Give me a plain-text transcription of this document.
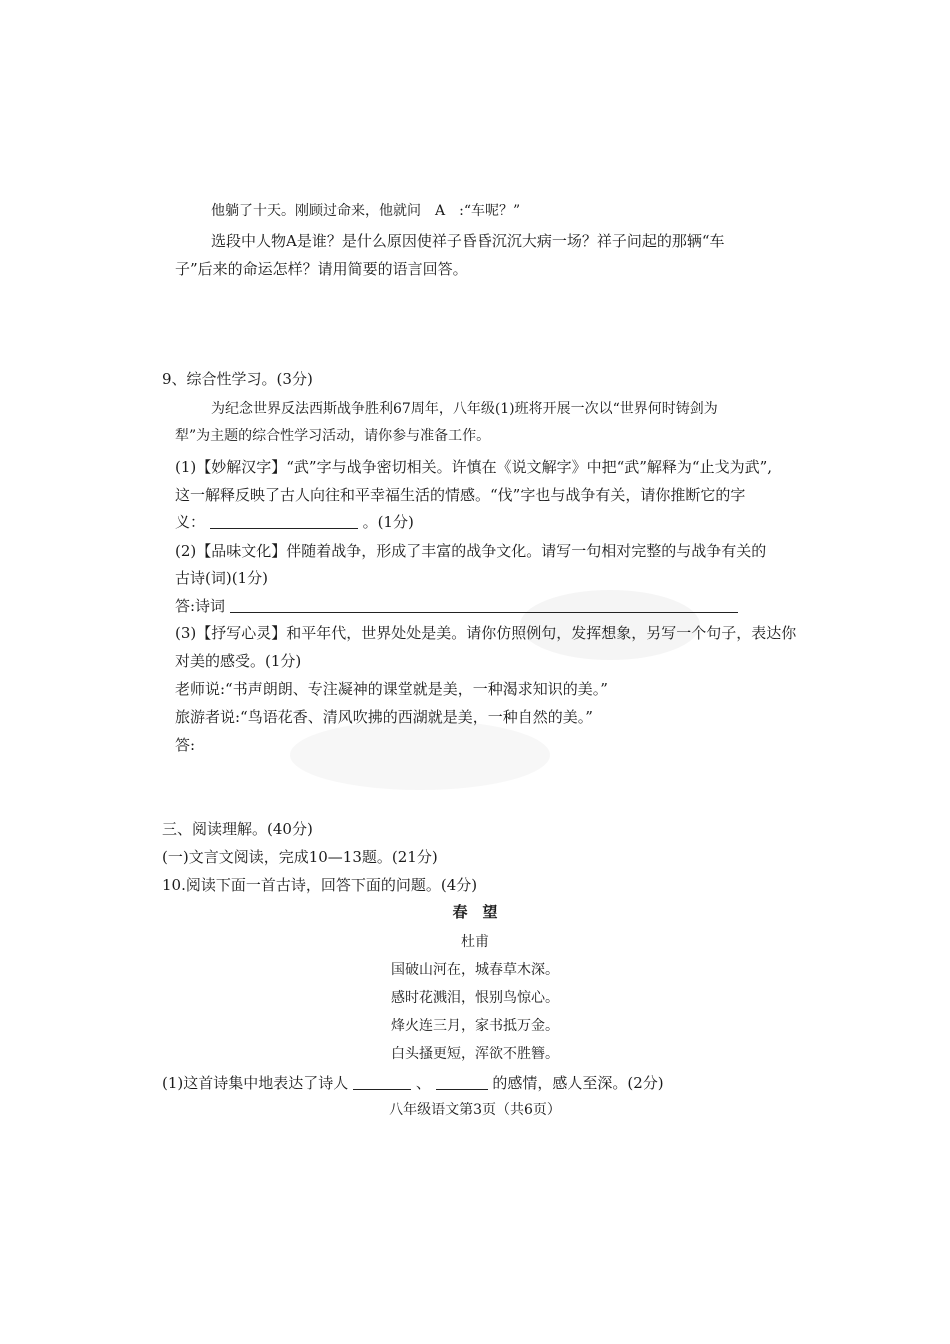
他躺了十天。刚顾过命来，他就问　A　:“车呢？”
选段中人物A是谁？是什么原因使祥子昏昏沉沉大病一场？祥子问起的那辆“车
子”后来的命运怎样？请用简要的语言回答。
9、综合性学习。(3分)
为纪念世界反法西斯战争胜利67周年，八年级(1)班将开展一次以“世界何时铸剑为
犁”为主题的综合性学习活动，请你参与准备工作。
(1)【妙解汉字】“武”字与战争密切相关。许慎在《说文解字》中把“武”解释为“止戈为武”,
这一解释反映了古人向往和平幸福生活的情感。“伐”字也与战争有关，请你推断它的字
义：	。(1分)
(2)【品味文化】伴随着战争，形成了丰富的战争文化。请写一句相对完整的与战争有关的
古诗(词)(1分)
答:诗词
(3)【抒写心灵】和平年代，世界处处是美。请你仿照例句，发挥想象，另写一个句子，表达你
对美的感受。(1分)
老师说:“书声朗朗、专注凝神的课堂就是美，一种渴求知识的美。”
旅游者说:“鸟语花香、清风吹拂的西湖就是美，一种自然的美。”
答:
三、阅读理解。(40分)
(一)文言文阅读，完成10—13题。(21分)
10.阅读下面一首古诗，回答下面的问题。(4分)
春　望
杜甫
国破山河在，城春草木深。
感时花溅泪，恨别鸟惊心。
烽火连三月，家书抵万金。
白头搔更短，浑欲不胜簪。
(1)这首诗集中地表达了诗人	、	的感情，感人至深。(2分)
八年级语文第3页（共6页）
